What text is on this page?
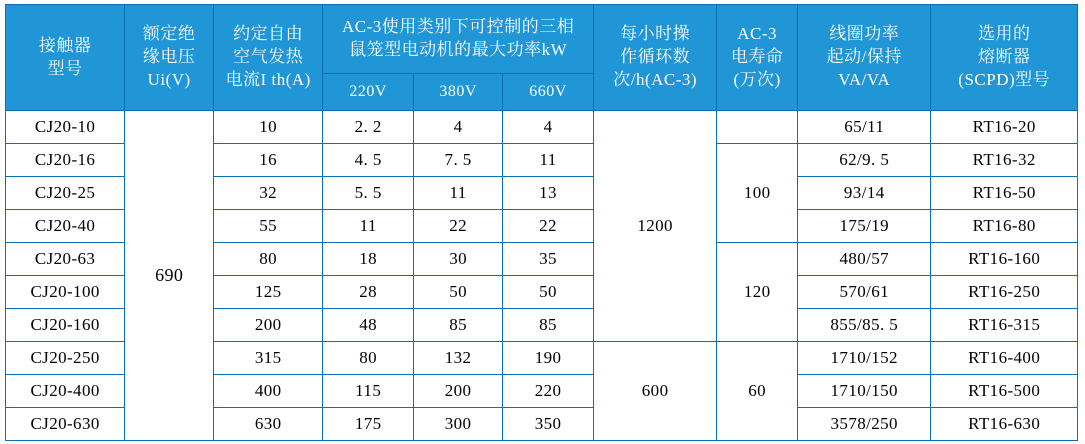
接触器
型号	额定绝
缘电压
Ui(V)	约定自由
空气发热
电流I th(A)	AC-3使用类别下可控制的三相
鼠笼型电动机的最大功率kW			每小时操
作循环数
次/h(AC-3)	AC-3
电寿命
(万次)	线圈功率
起动/保持
VA/VA	选用的
熔断器
(SCPD)型号

			220V	380V	660V				
CJ20-10	690	10	2. 2	4	4	1200		65/11	RT16-20
CJ20-16		16	4. 5	7. 5	11		100	62/9. 5	RT16-32
CJ20-25		32	5. 5	11	13			93/14	RT16-50
CJ20-40		55	11	22	22			175/19	RT16-80
CJ20-63		80	18	30	35		120	480/57	RT16-160
CJ20-100		125	28	50	50			570/61	RT16-250
CJ20-160		200	48	85	85			855/85. 5	RT16-315
CJ20-250		315	80	132	190	600	60	1710/152	RT16-400
CJ20-400		400	115	200	220			1710/150	RT16-500
CJ20-630		630	175	300	350			3578/250	RT16-630
